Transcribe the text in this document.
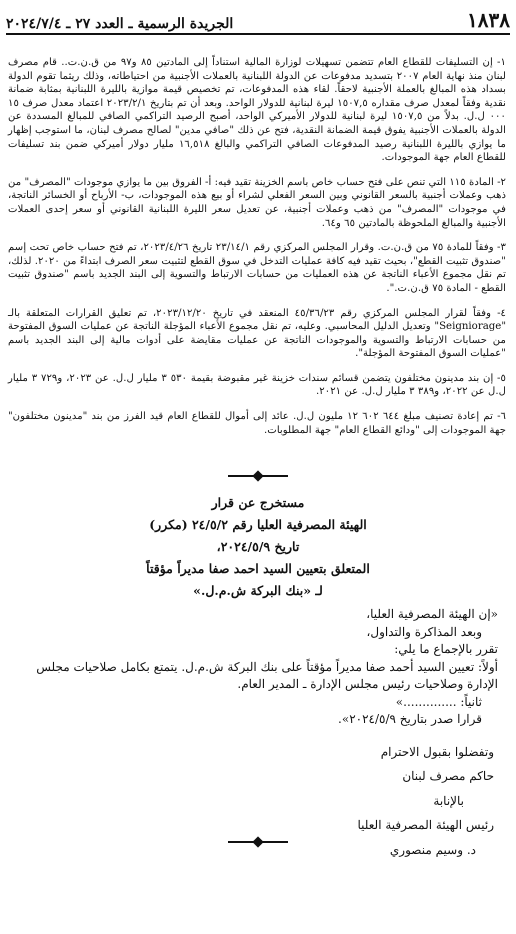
١٨٣٨
الجريدة الرسمية ـ العدد ٢٧ ـ ٢٠٢٤/٧/٤

١- إن التسليفات للقطاع العام تتضمن تسهيلات لوزارة المالية استناداً إلى المادتين ٨٥ و٩٧ من ق.ن.ت.. قام مصرف لبنان منذ نهاية العام ٢٠٠٧ بتسديد مدفوعات عن الدولة اللبنانية بالعملات الأجنبية من احتياطاته، وذلك ريثما تقوم الدولة بسداد هذه المبالغ بالعملة الأجنبية لاحقاً. لقاء هذه المدفوعات، تم تخصيص قيمة موازية بالليرة اللبنانية بمثابة ضمانة نقدية وفقاً لمعدل صرف مقداره ١٥٠٧,٥ ليرة لبنانية للدولار الواحد. وبعد أن تم بتاريخ ٢٠٢٣/٢/١ اعتماد معدل صرف ١٥ ٠٠٠ ل.ل. بدلاً من ١٥٠٧,٥ ليرة لبنانية للدولار الأميركي الواحد، أصبح الرصيد التراكمي الصافي للمبالغ المسددة عن الدولة بالعملات الأجنبية يفوق قيمة الضمانة النقدية، فتح عن ذلك "صافي مدين" لصالح مصرف لبنان، ما استوجب إظهار ما يوازي بالليرة اللبنانية رصيد المدفوعات الصافي التراكمي والبالغ ١٦,٥١٨ مليار دولار أميركي ضمن بند تسليفات للقطاع العام جهة الموجودات.

٢- المادة ١١٥ التي تنص على فتح حساب خاص باسم الخزينة تقيد فيه: أ- الفروق بين ما يوازي موجودات "المصرف" من ذهب وعملات أجنبية بالسعر القانوني وبين السعر الفعلي لشراء أو بيع هذه الموجودات، ب- الأرباح أو الخسائر الناتجة، في موجودات "المصرف" من ذهب وعملات أجنبية، عن تعديل سعر الليرة اللبنانية القانوني أو سعر إحدى العملات الأجنبية والمبالغ الملحوظة بالمادتين ٦٥ و٦٤.

٣- وفقاً للمادة ٧٥ من ق.ن.ت. وقرار المجلس المركزي رقم ٢٣/١٤/١ تاريخ ٢٠٢٣/٤/٢٦، تم فتح حساب خاص تحت إسم "صندوق تثبيت القطع"، بحيث تقيد فيه كافة عمليات التدخل في سوق القطع لتثبيت سعر الصرف ابتداءً من ٢٠٢٠. لذلك، تم نقل مجموع الأعباء الناتجة عن هذه العمليات من حسابات الارتباط والتسوية إلى البند الجديد باسم "صندوق تثبيت القطع - المادة ٧٥ ق.ن.ت.".

٤- وفقاً لقرار المجلس المركزي رقم ٤٥/٣٦/٢٣ المنعقد في تاريخ ٢٠٢٣/١٢/٢٠، تم تعليق القرارات المتعلقة بالـ "Seigniorage" وتعديل الدليل المحاسبي. وعليه، تم نقل مجموع الأعباء المؤجلة الناتجة عن عمليات السوق المفتوحة من حسابات الارتباط والتسوية والموجودات الناتجة عن عمليات مقايضة على أدوات مالية إلى البند الجديد باسم "عمليات السوق المفتوحة المؤجلة".

٥- إن بند مدينون مختلفون يتضمن قسائم سندات خزينة غير مقبوضة بقيمة ٥٣٠ ٣ مليار ل.ل. عن ٢٠٢٣، و٧٢٩ ٣ مليار ل.ل عن ٢٠٢٢، و٣٨٩ ٣ مليار ل.ل. عن ٢٠٢١.

٦- تم إعادة تصنيف مبلغ ٦٤٤ ٦٠٢ ١٢ مليون ل.ل. عائد إلى أموال للقطاع العام قيد الفرز من بند "مدينون مختلفون" جهة الموجودات إلى "ودائع القطاع العام" جهة المطلوبات.

مستخرج عن قرار
الهيئة المصرفية العليا رقم ٢٤/٥/٢ (مكرر)
تاريخ ٢٠٢٤/٥/٩،
المتعلق بتعيين السيد احمد صفا مديراً مؤقتاً
لـ «بنك البركة ش.م.ل.»

«إن الهيئة المصرفية العليا،

وبعد المذاكرة والتداول،

تقرر بالإجماع ما يلي:

أولاً: تعيين السيد أحمد صفا مديراً مؤقتاً على بنك البركة ش.م.ل. يتمتع بكامل صلاحيات مجلس الإدارة وصلاحيات رئيس مجلس الإدارة ـ المدير العام.

ثانياً: ..............»

قرارا صدر بتاريخ ٢٠٢٤/٥/٩».

وتفضلوا بقبول الاحترام

حاكم مصرف لبنان

بالإنابة

رئيس الهيئة المصرفية العليا

د. وسيم منصوري
